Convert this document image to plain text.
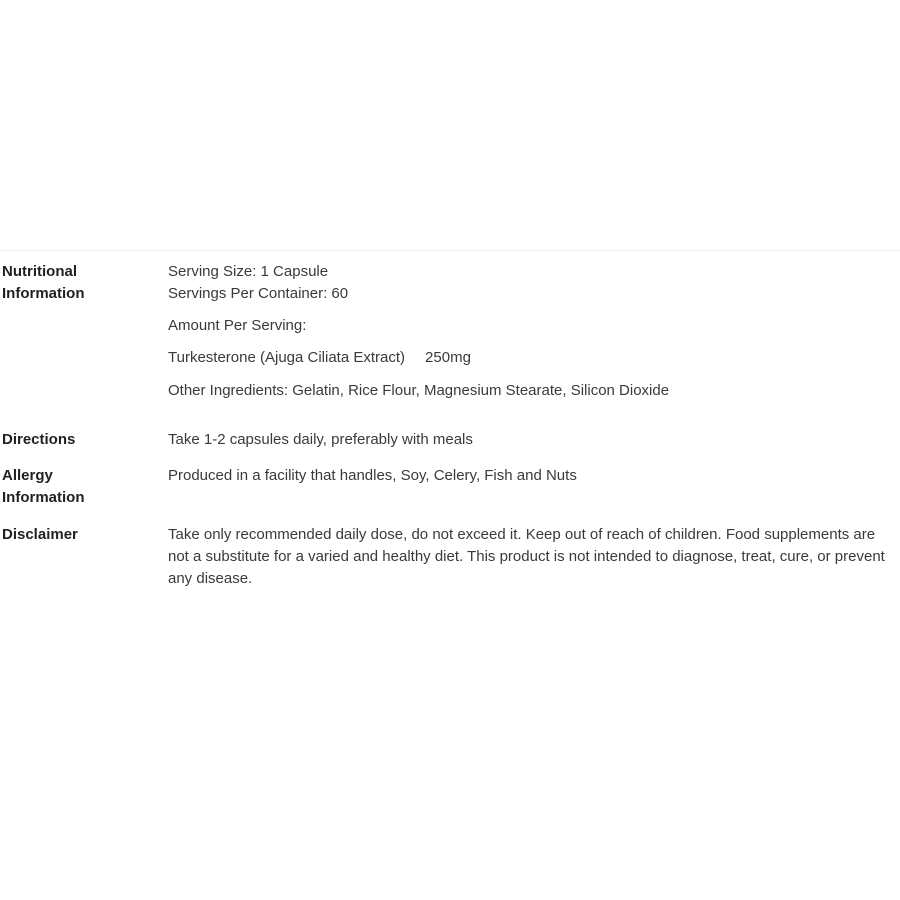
Nutritional Information
Serving Size: 1 Capsule
Servings Per Container: 60
Amount Per Serving:
Turkesterone (Ajuga Ciliata Extract) 250mg
Other Ingredients: Gelatin, Rice Flour, Magnesium Stearate, Silicon Dioxide
Directions	Take 1-2 capsules daily, preferably with meals
Allergy Information
Produced in a facility that handles, Soy, Celery, Fish and Nuts
Disclaimer	Take only recommended daily dose, do not exceed it. Keep out of reach of children. Food supplements are not a substitute for a varied and healthy diet. This product is not intended to diagnose, treat, cure, or prevent any disease.
